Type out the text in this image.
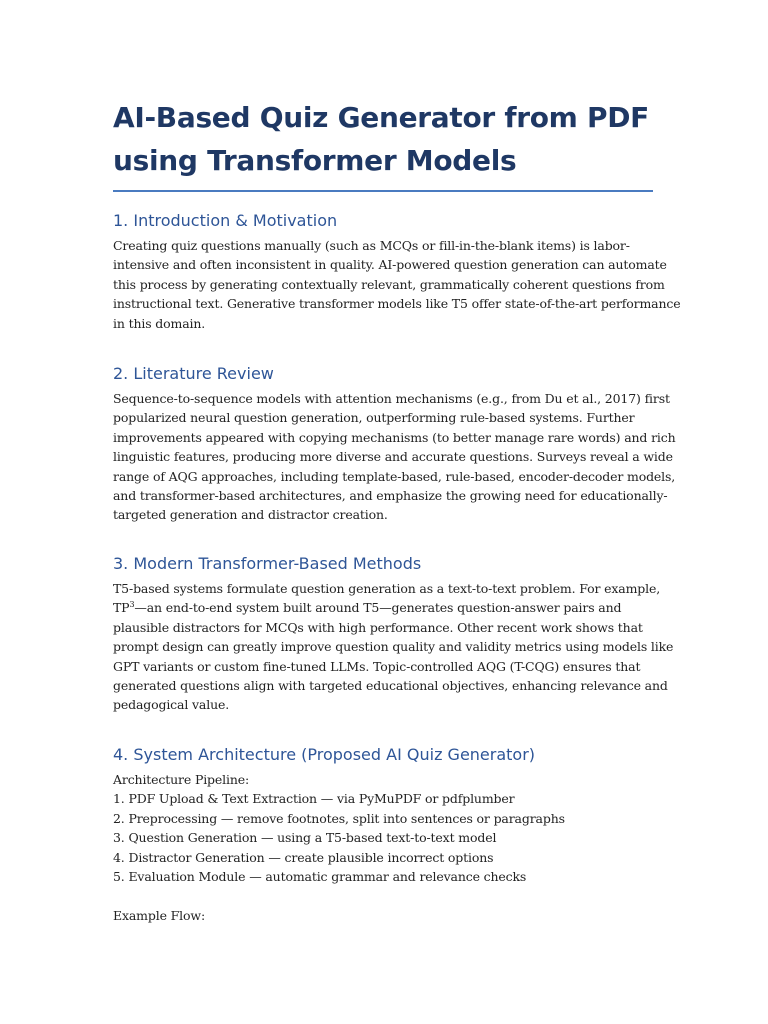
AI-Based Quiz Generator from PDF using Transformer Models
1. Introduction & Motivation

Creating quiz questions manually (such as MCQs or fill-in-the-blank items) is labor-

intensive and often inconsistent in quality. AI-powered question generation can automate

this process by generating contextually relevant, grammatically coherent questions from

instructional text. Generative transformer models like T5 offer state-of-the-art performance

in this domain.

2. Literature Review

Sequence-to-sequence models with attention mechanisms (e.g., from Du et al., 2017) first

popularized neural question generation, outperforming rule-based systems. Further

improvements appeared with copying mechanisms (to better manage rare words) and rich

linguistic features, producing more diverse and accurate questions. Surveys reveal a wide

range of AQG approaches, including template-based, rule-based, encoder-decoder models,

and transformer-based architectures, and emphasize the growing need for educationally-

targeted generation and distractor creation.

3. Modern Transformer-Based Methods

T5-based systems formulate question generation as a text-to-text problem. For example,

$TP^3—an$ end-to-end system built around T5—generates question-answer pairs and

plausible distractors for MCQs with high performance. Other recent work shows that

prompt design can greatly improve question quality and validity metrics using models like

GPT variants or custom fine-tuned LLMs. Topic-controlled AQG (T-CQG) ensures that

generated questions align with targeted educational objectives, enhancing relevance and

pedagogical value.

4. System Architecture (Proposed AI Quiz Generator)

Architecture Pipeline:

1. PDF Upload & Text Extraction — via PyMuPDF or pdfplumber

2. Preprocessing — remove footnotes, split into sentences or paragraphs

3. Question Generation — using a T5-based text-to-text model

4. Distractor Generation — create plausible incorrect options

5. Evaluation Module — automatic grammar and relevance checks

Example Flow:
